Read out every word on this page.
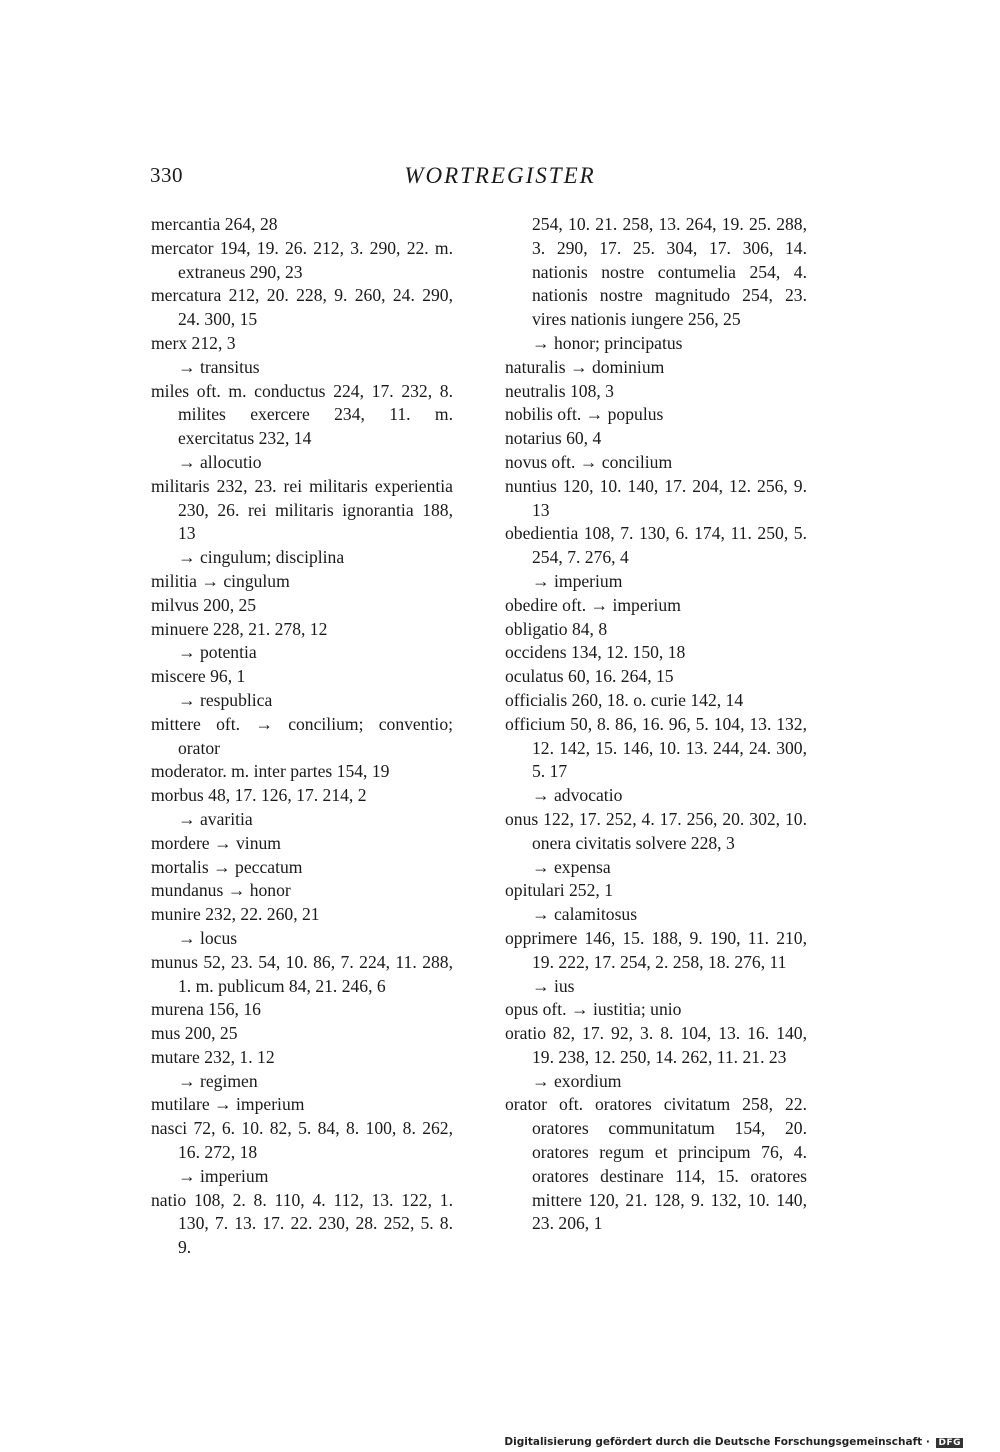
330	WORTREGISTER

mercantia 264, 28

mercator 194, 19. 26. 212, 3. 290, 22. m. extraneus 290, 23

mercatura 212, 20. 228, 9. 260, 24. 290, 24. 300, 15

merx 212, 3

→ transitus

miles oft. m. conductus 224, 17. 232, 8. milites exercere 234, 11. m. exercitatus 232, 14

→ allocutio

militaris 232, 23. rei militaris experientia 230, 26. rei militaris ignorantia 188, 13

→ cingulum; disciplina

militia → cingulum

milvus 200, 25

minuere 228, 21. 278, 12

→ potentia

miscere 96, 1

→ respublica

mittere oft. → concilium; conventio; orator

moderator. m. inter partes 154, 19

morbus 48, 17. 126, 17. 214, 2

→ avaritia

mordere → vinum

mortalis → peccatum

mundanus → honor

munire 232, 22. 260, 21

→ locus

munus 52, 23. 54, 10. 86, 7. 224, 11. 288, 1. m. publicum 84, 21. 246, 6

murena 156, 16

mus 200, 25

mutare 232, 1. 12

→ regimen

mutilare → imperium

nasci 72, 6. 10. 82, 5. 84, 8. 100, 8. 262, 16. 272, 18

→ imperium

natio 108, 2. 8. 110, 4. 112, 13. 122, 1. 130, 7. 13. 17. 22. 230, 28. 252, 5. 8. 9.

254, 10. 21. 258, 13. 264, 19. 25. 288, 3. 290, 17. 25. 304, 17. 306, 14. nationis nostre contumelia 254, 4. nationis nostre magnitudo 254, 23. vires nationis iungere 256, 25

→ honor; principatus

naturalis → dominium

neutralis 108, 3

nobilis oft. → populus

notarius 60, 4

novus oft. → concilium

nuntius 120, 10. 140, 17. 204, 12. 256, 9. 13

obedientia 108, 7. 130, 6. 174, 11. 250, 5. 254, 7. 276, 4

→ imperium

obedire oft. → imperium

obligatio 84, 8

occidens 134, 12. 150, 18

oculatus 60, 16. 264, 15

officialis 260, 18. o. curie 142, 14

officium 50, 8. 86, 16. 96, 5. 104, 13. 132, 12. 142, 15. 146, 10. 13. 244, 24. 300, 5. 17

→ advocatio

onus 122, 17. 252, 4. 17. 256, 20. 302, 10. onera civitatis solvere 228, 3

→ expensa

opitulari 252, 1

→ calamitosus

opprimere 146, 15. 188, 9. 190, 11. 210, 19. 222, 17. 254, 2. 258, 18. 276, 11

→ ius

opus oft. → iustitia; unio

oratio 82, 17. 92, 3. 8. 104, 13. 16. 140, 19. 238, 12. 250, 14. 262, 11. 21. 23

→ exordium

orator oft. oratores civitatum 258, 22. oratores communitatum 154, 20. oratores regum et principum 76, 4. oratores destinare 114, 15. oratores mittere 120, 21. 128, 9. 132, 10. 140, 23. 206, 1

Digitalisierung gefördert durch die Deutsche Forschungsgemeinschaft · DFG
